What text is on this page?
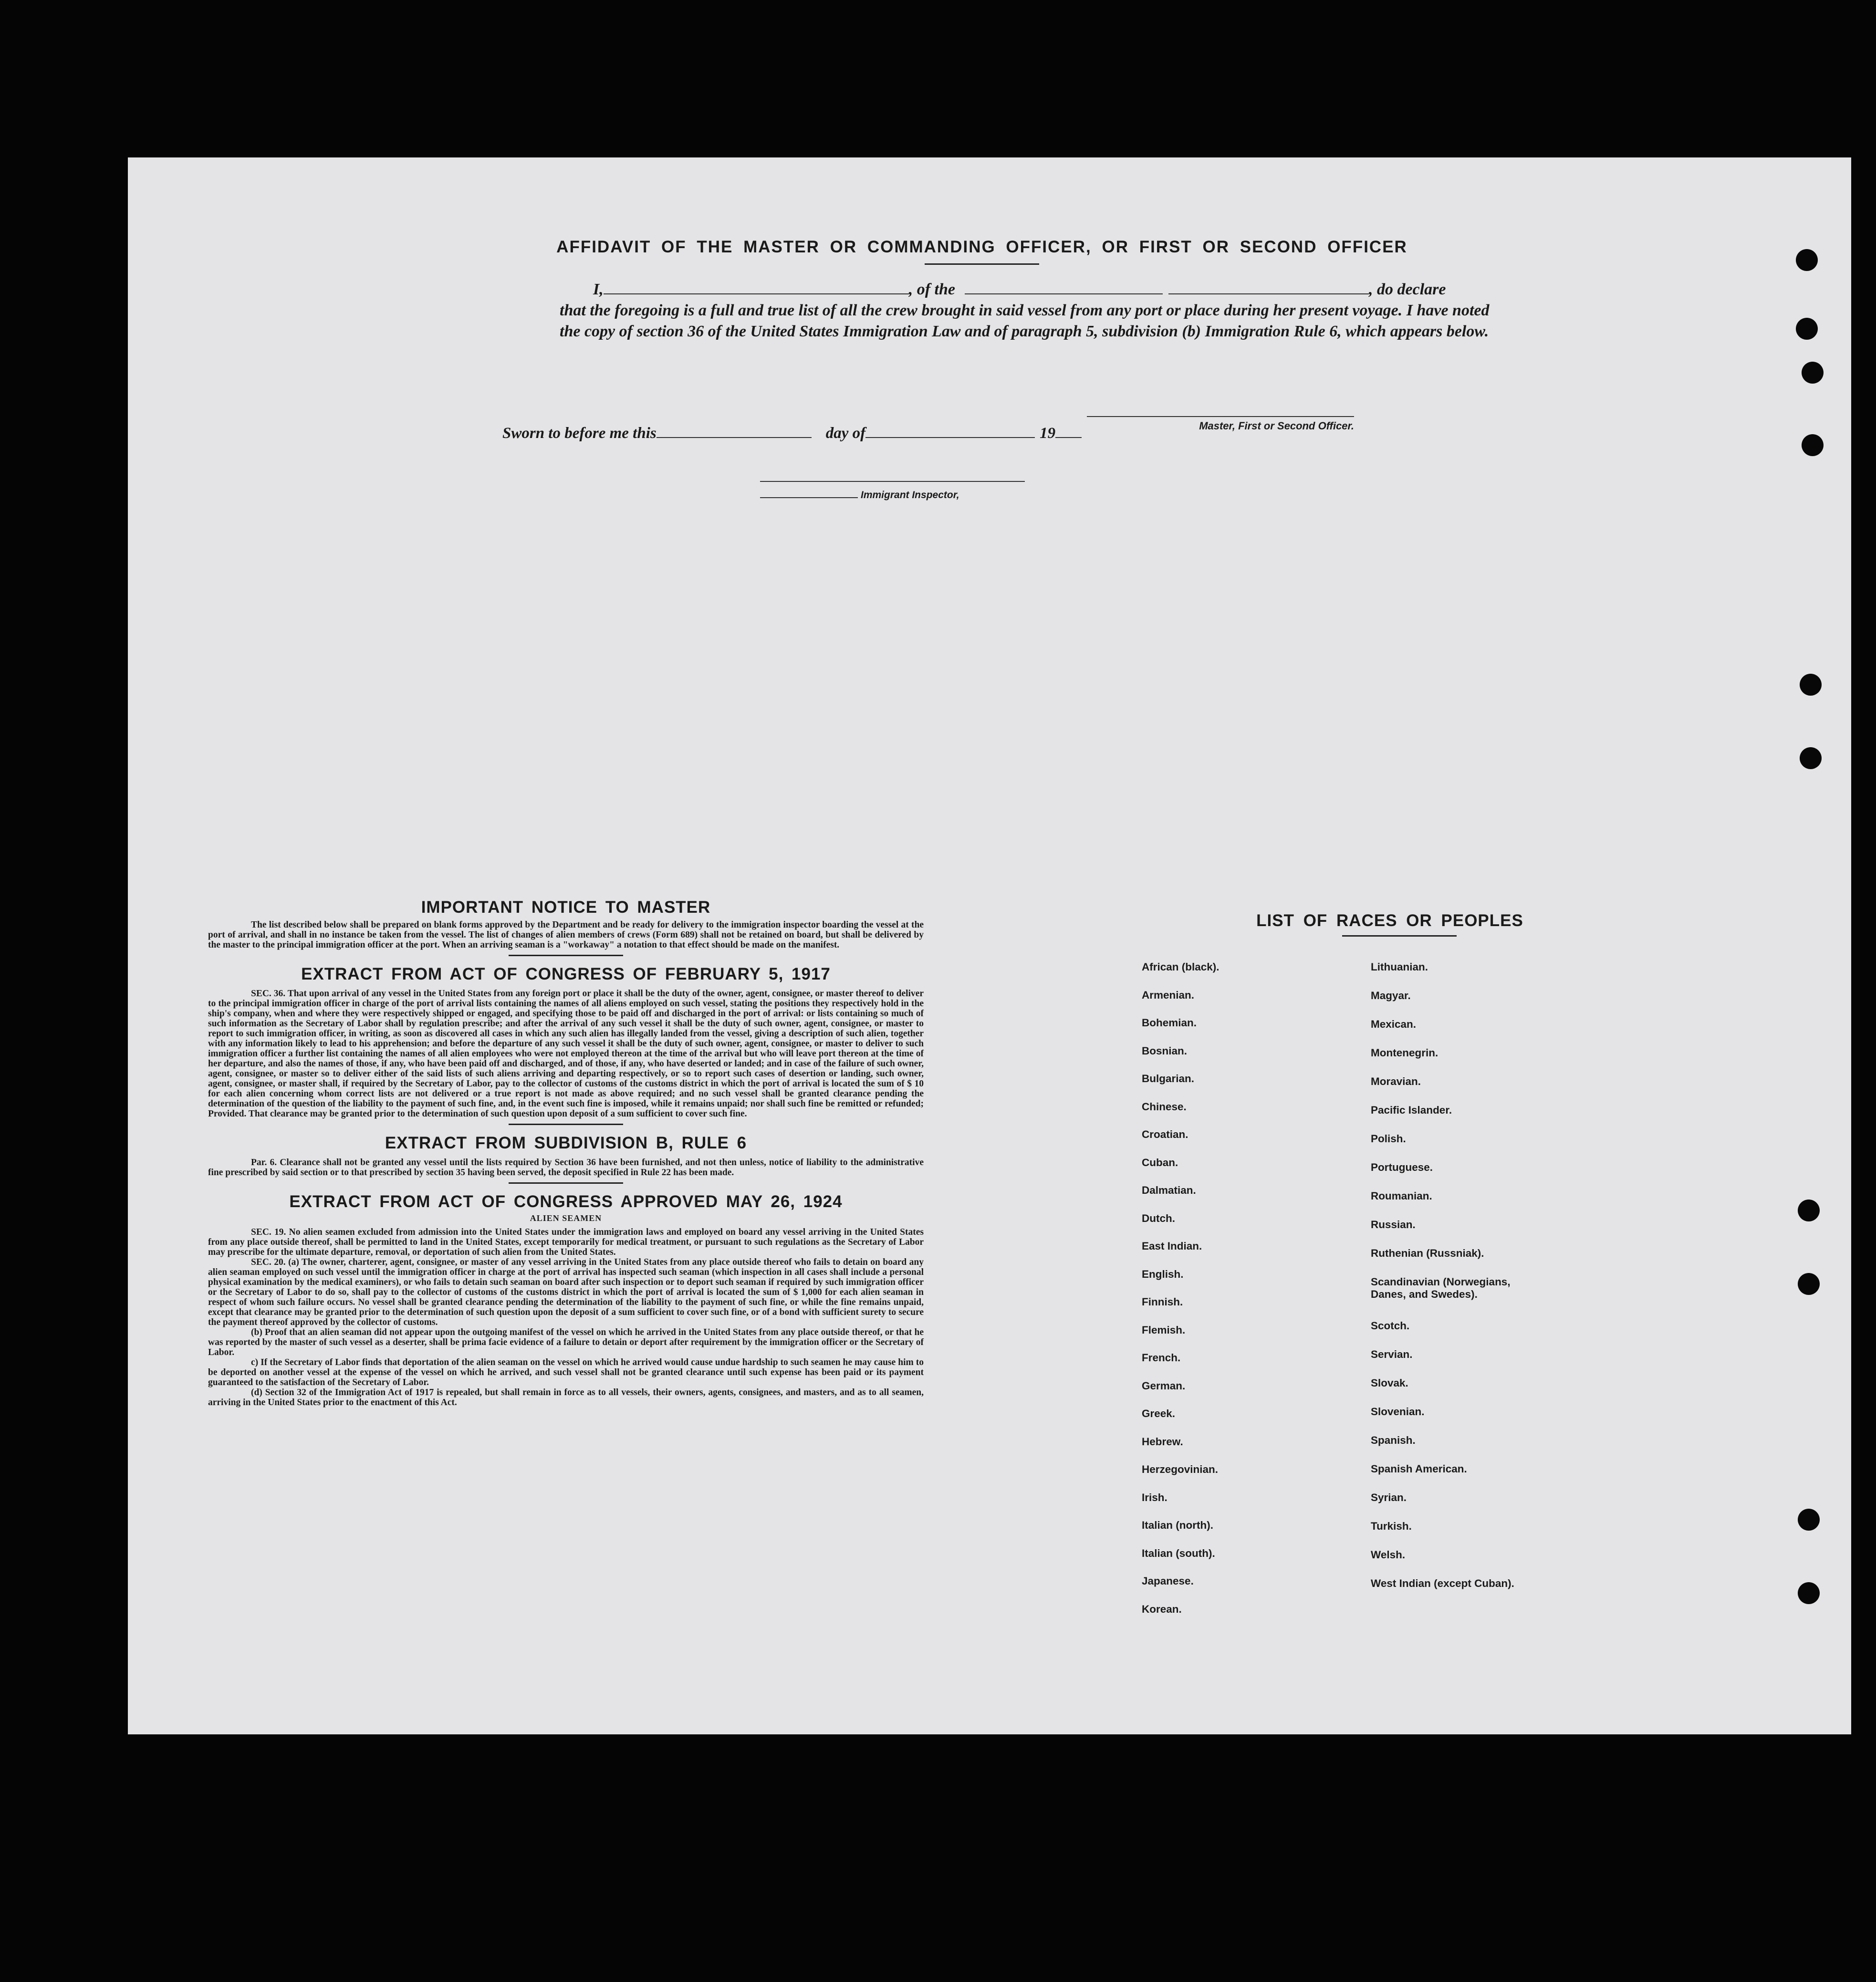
AFFIDAVIT OF THE MASTER OR COMMANDING OFFICER, OR FIRST OR SECOND OFFICER
I,	, of the	, do declare
that the foregoing is a full and true list of all the crew brought in said vessel from any port or place during her present voyage. I have noted the copy of section 36 of the United States Immigration Law and of paragraph 5, subdivision (b) Immigration Rule 6, which appears below.
Master, First or Second Officer.
Sworn to before me this	day of	19
Immigrant Inspector,
IMPORTANT NOTICE TO MASTER

The list described below shall be prepared on blank forms approved by the Department and be ready for delivery to the immigration inspector boarding the vessel at the port of arrival, and shall in no instance be taken from the vessel. The list of changes of alien members of crews (Form 689) shall not be retained on board, but shall be delivered by the master to the principal immigration officer at the port. When an arriving seaman is a "workaway" a notation to that effect should be made on the manifest.

EXTRACT FROM ACT OF CONGRESS OF FEBRUARY 5, 1917

SEC. 36. That upon arrival of any vessel in the United States from any foreign port or place it shall be the duty of the owner, agent, consignee, or master thereof to deliver to the principal immigration officer in charge of the port of arrival lists containing the names of all aliens employed on such vessel, stating the positions they respectively hold in the ship's company, when and where they were respectively shipped or engaged, and specifying those to be paid off and discharged in the port of arrival: or lists containing so much of such information as the Secretary of Labor shall by regulation prescribe; and after the arrival of any such vessel it shall be the duty of such owner, agent, consignee, or master to report to such immigration officer, in writing, as soon as discovered all cases in which any such alien has illegally landed from the vessel, giving a description of such alien, together with any information likely to lead to his apprehension; and before the departure of any such vessel it shall be the duty of such owner, agent, consignee, or master to deliver to such immigration officer a further list containing the names of all alien employees who were not employed thereon at the time of the arrival but who will leave port thereon at the time of her departure, and also the names of those, if any, who have been paid off and discharged, and of those, if any, who have deserted or landed; and in case of the failure of such owner, agent, consignee, or master so to deliver either of the said lists of such aliens arriving and departing respectively, or so to report such cases of desertion or landing, such owner, agent, consignee, or master shall, if required by the Secretary of Labor, pay to the collector of customs of the customs district in which the port of arrival is located the sum of $ 10 for each alien concerning whom correct lists are not delivered or a true report is not made as above required; and no such vessel shall be granted clearance pending the determination of the question of the liability to the payment of such fine, and, in the event such fine is imposed, while it remains unpaid; nor shall such fine be remitted or refunded; Provided. That clearance may be granted prior to the determination of such question upon deposit of a sum sufficient to cover such fine.

EXTRACT FROM SUBDIVISION B, RULE 6

Par. 6. Clearance shall not be granted any vessel until the lists required by Section 36 have been furnished, and not then unless, notice of liability to the administrative fine prescribed by said section or to that prescribed by section 35 having been served, the deposit specified in Rule 22 has been made.

EXTRACT FROM ACT OF CONGRESS APPROVED MAY 26, 1924
ALIEN SEAMEN

SEC. 19. No alien seamen excluded from admission into the United States under the immigration laws and employed on board any vessel arriving in the United States from any place outside thereof, shall be permitted to land in the United States, except temporarily for medical treatment, or pursuant to such regulations as the Secretary of Labor may prescribe for the ultimate departure, removal, or deportation of such alien from the United States.

SEC. 20. (a) The owner, charterer, agent, consignee, or master of any vessel arriving in the United States from any place outside thereof who fails to detain on board any alien seaman employed on such vessel until the immigration officer in charge at the port of arrival has inspected such seaman (which inspection in all cases shall include a personal physical examination by the medical examiners), or who fails to detain such seaman on board after such inspection or to deport such seaman if required by such immigration officer or the Secretary of Labor to do so, shall pay to the collector of customs of the customs district in which the port of arrival is located the sum of $ 1,000 for each alien seaman in respect of whom such failure occurs. No vessel shall be granted clearance pending the determination of the liability to the payment of such fine, or while the fine remains unpaid, except that clearance may be granted prior to the determination of such question upon the deposit of a sum sufficient to cover such fine, or of a bond with sufficient surety to secure the payment thereof approved by the collector of customs.

(b) Proof that an alien seaman did not appear upon the outgoing manifest of the vessel on which he arrived in the United States from any place outside thereof, or that he was reported by the master of such vessel as a deserter, shall be prima facie evidence of a failure to detain or deport after requirement by the immigration officer or the Secretary of Labor.

c) If the Secretary of Labor finds that deportation of the alien seaman on the vessel on which he arrived would cause undue hardship to such seamen he may cause him to be deported on another vessel at the expense of the vessel on which he arrived, and such vessel shall not be granted clearance until such expense has been paid or its payment guaranteed to the satisfaction of the Secretary of Labor.

(d) Section 32 of the Immigration Act of 1917 is repealed, but shall remain in force as to all vessels, their owners, agents, consignees, and masters, and as to all seamen, arriving in the United States prior to the enactment of this Act.

LIST OF RACES OR PEOPLES
African (black).
Armenian.
Bohemian.
Bosnian.
Bulgarian.
Chinese.
Croatian.
Cuban.
Dalmatian.
Dutch.
East Indian.
English.
Finnish.
Flemish.
French.
German.
Greek.
Hebrew.
Herzegovinian.
Irish.
Italian (north).
Italian (south).
Japanese.
Korean.
Lithuanian.
Magyar.
Mexican.
Montenegrin.
Moravian.
Pacific Islander.
Polish.
Portuguese.
Roumanian.
Russian.
Ruthenian (Russniak).
Scandinavian (Norwegians, Danes, and Swedes).
Scotch.
Servian.
Slovak.
Slovenian.
Spanish.
Spanish American.
Syrian.
Turkish.
Welsh.
West Indian (except Cuban).
